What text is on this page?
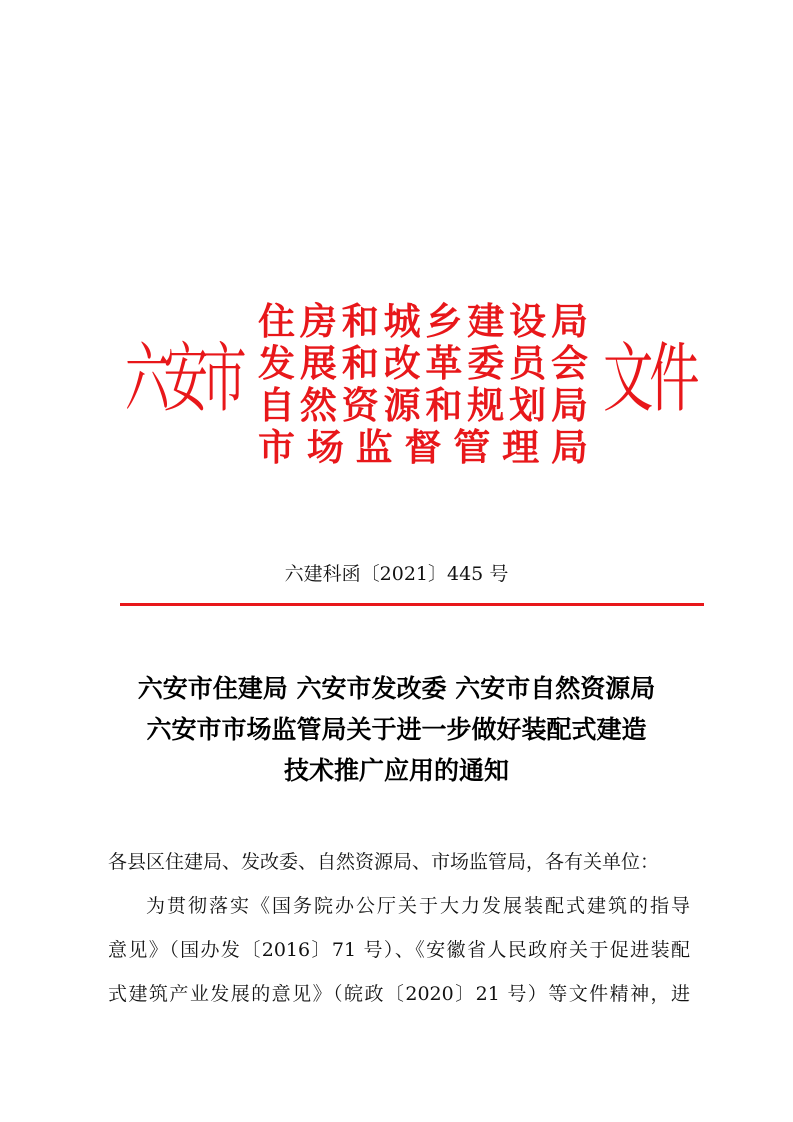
六安市
住房和城乡建设局
发展和改革委员会
自然资源和规划局
市场监督管理局
文件
六建科函〔2021〕445 号
六安市住建局 六安市发改委 六安市自然资源局
六安市市场监管局关于进一步做好装配式建造
技术推广应用的通知
各县区住建局、发改委、自然资源局、市场监管局，各有关单位：
为贯彻落实《国务院办公厅关于大力发展装配式建筑的指导
意见》（国办发〔2016〕71 号）、《安徽省人民政府关于促进装配
式建筑产业发展的意见》（皖政〔2020〕21 号）等文件精神，进
